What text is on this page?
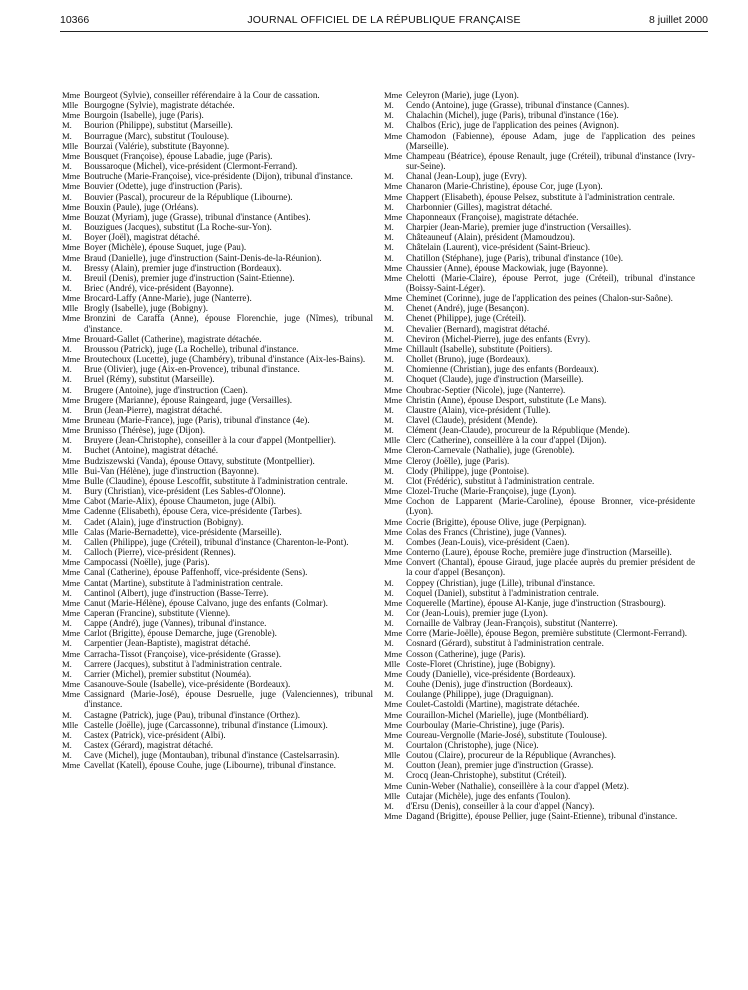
10366	JOURNAL OFFICIEL DE LA RÉPUBLIQUE FRANÇAISE	8 juillet 2000
Mme Bourgeot (Sylvie), conseiller référendaire à la Cour de cassation.
Mlle Bourgogne (Sylvie), magistrate détachée.
Mme Bourgoin (Isabelle), juge (Paris).
M. Bourion (Philippe), substitut (Marseille).
M. Bourrague (Marc), substitut (Toulouse).
Mlle Bourzai (Valérie), substitute (Bayonne).
Mme Bousquet (Françoise), épouse Labadie, juge (Paris).
M. Boussaroque (Michel), vice-président (Clermont-Ferrand).
Mme Boutruche (Marie-Françoise), vice-présidente (Dijon), tribunal d'instance.
Mme Bouvier (Odette), juge d'instruction (Paris).
M. Bouvier (Pascal), procureur de la République (Libourne).
Mme Bouxin (Paule), juge (Orléans).
Mme Bouzat (Myriam), juge (Grasse), tribunal d'instance (Antibes).
M. Bouzigues (Jacques), substitut (La Roche-sur-Yon).
M. Boyer (Joël), magistrat détaché.
Mme Boyer (Michèle), épouse Suquet, juge (Pau).
Mme Braud (Danielle), juge d'instruction (Saint-Denis-de-la-Réunion).
M. Bressy (Alain), premier juge d'instruction (Bordeaux).
M. Breuil (Denis), premier juge d'instruction (Saint-Etienne).
M. Briec (André), vice-président (Bayonne).
Mme Brocard-Laffy (Anne-Marie), juge (Nanterre).
Mlle Brogly (Isabelle), juge (Bobigny).
Mme Bronzini de Caraffa (Anne), épouse Florenchie, juge (Nîmes), tribunal d'instance.
Mme Brouard-Gallet (Catherine), magistrate détachée.
M. Broussou (Patrick), juge (La Rochelle), tribunal d'instance.
Mme Broutechoux (Lucette), juge (Chambéry), tribunal d'instance (Aix-les-Bains).
M. Brue (Olivier), juge (Aix-en-Provence), tribunal d'instance.
M. Bruel (Rémy), substitut (Marseille).
M. Brugere (Antoine), juge d'instruction (Caen).
Mme Brugere (Marianne), épouse Raingeard, juge (Versailles).
M. Brun (Jean-Pierre), magistrat détaché.
Mme Bruneau (Marie-France), juge (Paris), tribunal d'instance (4e).
Mme Brunisso (Thérèse), juge (Dijon).
M. Bruyere (Jean-Christophe), conseiller à la cour d'appel (Montpellier).
M. Buchet (Antoine), magistrat détaché.
Mme Budziszewski (Vanda), épouse Ottavy, substitute (Montpellier).
Mlle Bui-Van (Hélène), juge d'instruction (Bayonne).
Mme Bulle (Claudine), épouse Lescoffit, substitute à l'administration centrale.
M. Bury (Christian), vice-président (Les Sables-d'Olonne).
Mme Cabot (Marie-Alix), épouse Chaumeton, juge (Albi).
Mme Cadenne (Elisabeth), épouse Cera, vice-présidente (Tarbes).
M. Cadet (Alain), juge d'instruction (Bobigny).
Mlle Calas (Marie-Bernadette), vice-présidente (Marseille).
M. Callen (Philippe), juge (Créteil), tribunal d'instance (Charenton-le-Pont).
M. Calloch (Pierre), vice-président (Rennes).
Mme Campocassi (Noëlle), juge (Paris).
Mme Canal (Catherine), épouse Paffenhoff, vice-présidente (Sens).
Mme Cantat (Martine), substitute à l'administration centrale.
M. Cantinol (Albert), juge d'instruction (Basse-Terre).
Mme Canut (Marie-Hélène), épouse Calvano, juge des enfants (Colmar).
Mme Caperan (Francine), substitute (Vienne).
M. Cappe (André), juge (Vannes), tribunal d'instance.
Mme Carlot (Brigitte), épouse Demarche, juge (Grenoble).
M. Carpentier (Jean-Baptiste), magistrat détaché.
Mme Carracha-Tissot (Françoise), vice-présidente (Grasse).
M. Carrere (Jacques), substitut à l'administration centrale.
M. Carrier (Michel), premier substitut (Nouméa).
Mme Casanouve-Soule (Isabelle), vice-présidente (Bordeaux).
Mme Cassignard (Marie-José), épouse Desruelle, juge (Valenciennes), tribunal d'instance.
M. Castagne (Patrick), juge (Pau), tribunal d'instance (Orthez).
Mlle Castelle (Joëlle), juge (Carcassonne), tribunal d'instance (Limoux).
M. Castex (Patrick), vice-président (Albi).
M. Castex (Gérard), magistrat détaché.
M. Cave (Michel), juge (Montauban), tribunal d'instance (Castelsarrasin).
Mme Cavellat (Katell), épouse Couhe, juge (Libourne), tribunal d'instance.
Mme Celeyron (Marie), juge (Lyon).
M. Cendo (Antoine), juge (Grasse), tribunal d'instance (Cannes).
M. Chalachin (Michel), juge (Paris), tribunal d'instance (16e).
M. Chalbos (Eric), juge de l'application des peines (Avignon).
Mme Chamodon (Fabienne), épouse Adam, juge de l'application des peines (Marseille).
Mme Champeau (Béatrice), épouse Renault, juge (Créteil), tribunal d'instance (Ivry-sur-Seine).
M. Chanal (Jean-Loup), juge (Evry).
Mme Chanaron (Marie-Christine), épouse Cor, juge (Lyon).
Mme Chappert (Elisabeth), épouse Pelsez, substitute à l'administration centrale.
M. Charbonnier (Gilles), magistrat détaché.
Mme Chaponneaux (Françoise), magistrate détachée.
M. Charpier (Jean-Marie), premier juge d'instruction (Versailles).
M. Châteauneuf (Alain), président (Mamoudzou).
M. Châtelain (Laurent), vice-président (Saint-Brieuc).
M. Chatillon (Stéphane), juge (Paris), tribunal d'instance (10e).
Mme Chaussier (Anne), épouse Mackowiak, juge (Bayonne).
Mme Chelotti (Marie-Claire), épouse Perrot, juge (Créteil), tribunal d'instance (Boissy-Saint-Léger).
Mme Cheminet (Corinne), juge de l'application des peines (Chalon-sur-Saône).
M. Chenet (André), juge (Besançon).
M. Chenet (Philippe), juge (Créteil).
M. Chevalier (Bernard), magistrat détaché.
M. Cheviron (Michel-Pierre), juge des enfants (Evry).
Mme Chillault (Isabelle), substitute (Poitiers).
M. Chollet (Bruno), juge (Bordeaux).
M. Chomienne (Christian), juge des enfants (Bordeaux).
M. Choquet (Claude), juge d'instruction (Marseille).
Mme Choubrac-Septier (Nicole), juge (Nanterre).
Mme Christin (Anne), épouse Desport, substitute (Le Mans).
M. Claustre (Alain), vice-président (Tulle).
M. Clavel (Claude), président (Mende).
M. Clément (Jean-Claude), procureur de la République (Mende).
Mlle Clerc (Catherine), conseillère à la cour d'appel (Dijon).
Mme Cleron-Carnevale (Nathalie), juge (Grenoble).
Mme Cleroy (Joëlle), juge (Paris).
M. Clody (Philippe), juge (Pontoise).
M. Clot (Frédéric), substitut à l'administration centrale.
Mme Clozel-Truche (Marie-Françoise), juge (Lyon).
Mme Cochon de Lapparent (Marie-Caroline), épouse Bronner, vice-présidente (Lyon).
Mme Cocrie (Brigitte), épouse Olive, juge (Perpignan).
Mme Colas des Francs (Christine), juge (Vannes).
M. Combes (Jean-Louis), vice-président (Caen).
Mme Conterno (Laure), épouse Roche, première juge d'instruction (Marseille).
Mme Convert (Chantal), épouse Giraud, juge placée auprès du premier président de la cour d'appel (Besançon).
M. Coppey (Christian), juge (Lille), tribunal d'instance.
M. Coquel (Daniel), substitut à l'administration centrale.
Mme Coquerelle (Martine), épouse Al-Kanje, juge d'instruction (Strasbourg).
M. Cor (Jean-Louis), premier juge (Lyon).
M. Cornaille de Valbray (Jean-François), substitut (Nanterre).
Mme Corre (Marie-Joëlle), épouse Begon, première substitute (Clermont-Ferrand).
M. Cosnard (Gérard), substitut à l'administration centrale.
Mme Cosson (Catherine), juge (Paris).
Mlle Coste-Floret (Christine), juge (Bobigny).
Mme Coudy (Danielle), vice-présidente (Bordeaux).
M. Couhe (Denis), juge d'instruction (Bordeaux).
M. Coulange (Philippe), juge (Draguignan).
Mme Coulet-Castoldi (Martine), magistrate détachée.
Mme Couraillon-Michel (Marielle), juge (Montbéliard).
Mme Courboulay (Marie-Christine), juge (Paris).
Mme Coureau-Vergnolle (Marie-José), substitute (Toulouse).
M. Courtalon (Christophe), juge (Nice).
Mlle Coutou (Claire), procureur de la République (Avranches).
M. Coutton (Jean), premier juge d'instruction (Grasse).
M. Crocq (Jean-Christophe), substitut (Créteil).
Mme Cunin-Weber (Nathalie), conseillère à la cour d'appel (Metz).
Mlle Cutajar (Michèle), juge des enfants (Toulon).
M. d'Ersu (Denis), conseiller à la cour d'appel (Nancy).
Mme Dagand (Brigitte), épouse Pellier, juge (Saint-Etienne), tribunal d'instance.
